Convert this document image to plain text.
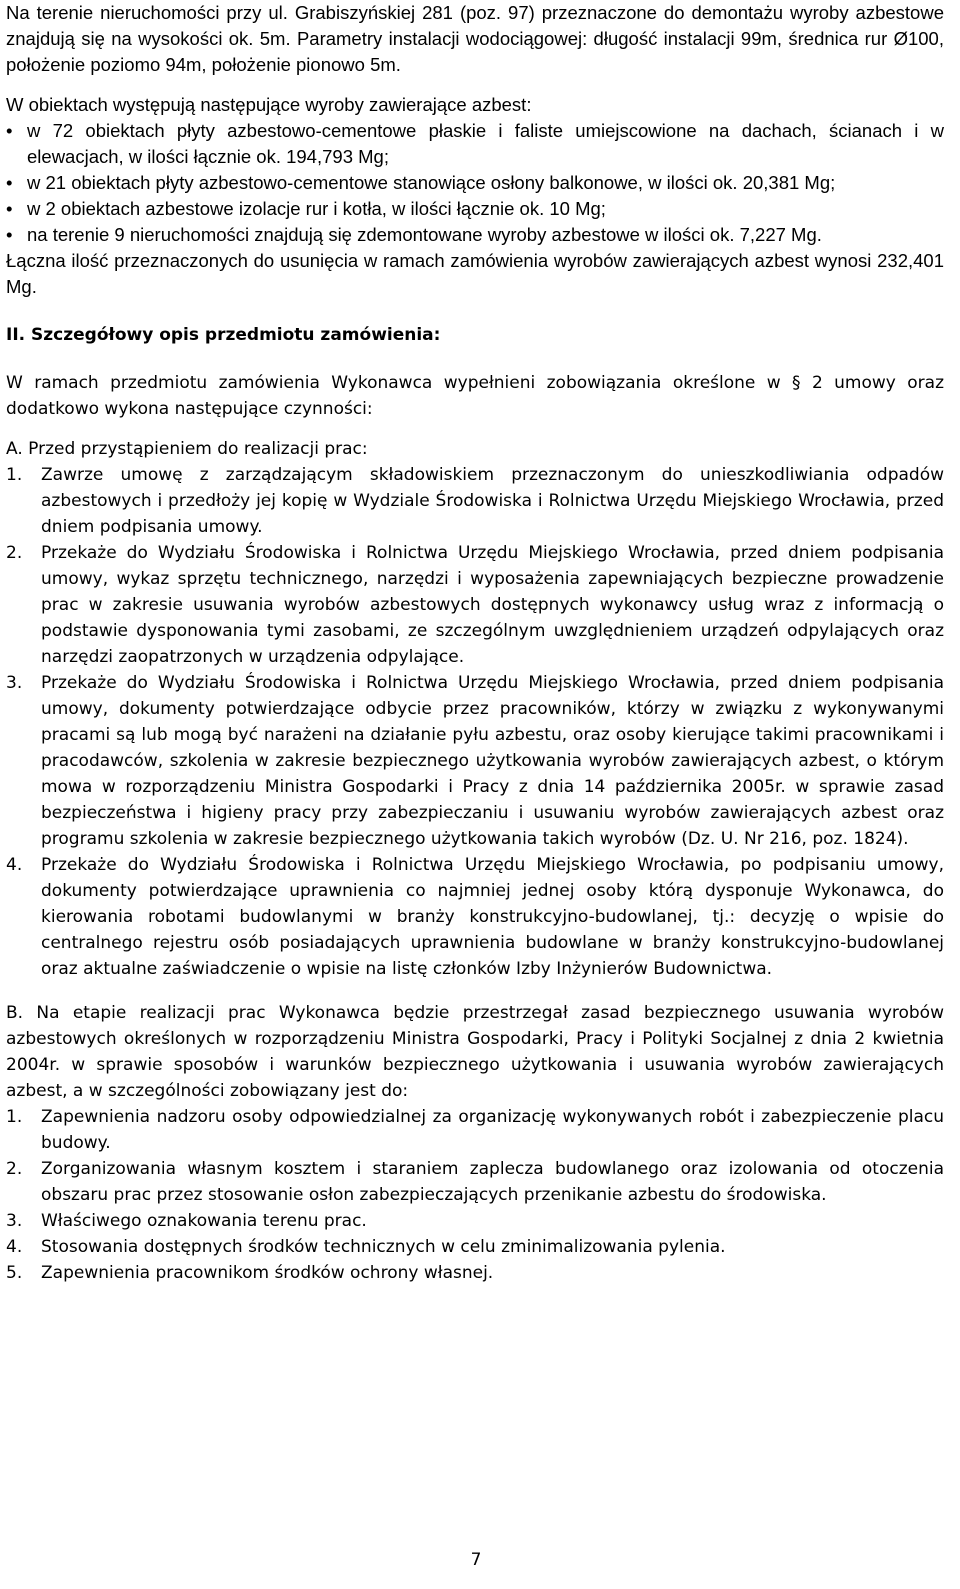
Na terenie nieruchomości przy ul. Grabiszyńskiej 281 (poz. 97) przeznaczone do demontażu wyroby azbestowe znajdują się na wysokości ok. 5m. Parametry instalacji wodociągowej: długość instalacji 99m, średnica rur Ø100, położenie poziomo 94m, położenie pionowo 5m.

W obiektach występują następujące wyroby zawierające azbest:

• w 72 obiektach płyty azbestowo-cementowe płaskie i faliste umiejscowione na dachach, ścianach i w elewacjach, w ilości łącznie ok. 194,793 Mg;
• w 21 obiektach płyty azbestowo-cementowe stanowiące osłony balkonowe, w ilości ok. 20,381 Mg;
• w 2 obiektach azbestowe izolacje rur i kotła, w ilości łącznie ok. 10 Mg;
• na terenie 9 nieruchomości znajdują się zdemontowane wyroby azbestowe w ilości ok. 7,227 Mg.

Łączna ilość przeznaczonych do usunięcia w ramach zamówienia wyrobów zawierających azbest wynosi 232,401 Mg.

II. Szczegółowy opis przedmiotu zamówienia:

W ramach przedmiotu zamówienia Wykonawca wypełnieni zobowiązania określone w § 2 umowy oraz dodatkowo wykona następujące czynności:

A. Przed przystąpieniem do realizacji prac:

1. Zawrze umowę z zarządzającym składowiskiem przeznaczonym do unieszkodliwiania odpadów azbestowych i przedłoży jej kopię w Wydziale Środowiska i Rolnictwa Urzędu Miejskiego Wrocławia, przed dniem podpisania umowy.
2. Przekaże do Wydziału Środowiska i Rolnictwa Urzędu Miejskiego Wrocławia, przed dniem podpisania umowy, wykaz sprzętu technicznego, narzędzi i wyposażenia zapewniających bezpieczne prowadzenie prac w zakresie usuwania wyrobów azbestowych dostępnych wykonawcy usług wraz z informacją o podstawie dysponowania tymi zasobami, ze szczególnym uwzględnieniem urządzeń odpylających oraz narzędzi zaopatrzonych w urządzenia odpylające.
3. Przekaże do Wydziału Środowiska i Rolnictwa Urzędu Miejskiego Wrocławia, przed dniem podpisania umowy, dokumenty potwierdzające odbycie przez pracowników, którzy w związku z wykonywanymi pracami są lub mogą być narażeni na działanie pyłu azbestu, oraz osoby kierujące takimi pracownikami i pracodawców, szkolenia w zakresie bezpiecznego użytkowania wyrobów zawierających azbest, o którym mowa w rozporządzeniu Ministra Gospodarki i Pracy z dnia 14 października 2005r. w sprawie zasad bezpieczeństwa i higieny pracy przy zabezpieczaniu i usuwaniu wyrobów zawierających azbest oraz programu szkolenia w zakresie bezpiecznego użytkowania takich wyrobów (Dz. U. Nr 216, poz. 1824).
4. Przekaże do Wydziału Środowiska i Rolnictwa Urzędu Miejskiego Wrocławia, po podpisaniu umowy, dokumenty potwierdzające uprawnienia co najmniej jednej osoby którą dysponuje Wykonawca, do kierowania robotami budowlanymi w branży konstrukcyjno-budowlanej, tj.: decyzję o wpisie do centralnego rejestru osób posiadających uprawnienia budowlane w branży konstrukcyjno-budowlanej oraz aktualne zaświadczenie o wpisie na listę członków Izby Inżynierów Budownictwa.

B. Na etapie realizacji prac Wykonawca będzie przestrzegał zasad bezpiecznego usuwania wyrobów azbestowych określonych w rozporządzeniu Ministra Gospodarki, Pracy i Polityki Socjalnej z dnia 2 kwietnia 2004r. w sprawie sposobów i warunków bezpiecznego użytkowania i usuwania wyrobów zawierających azbest, a w szczególności zobowiązany jest do:

1. Zapewnienia nadzoru osoby odpowiedzialnej za organizację wykonywanych robót i zabezpieczenie placu budowy.
2. Zorganizowania własnym kosztem i staraniem zaplecza budowlanego oraz izolowania od otoczenia obszaru prac przez stosowanie osłon zabezpieczających przenikanie azbestu do środowiska.
3. Właściwego oznakowania terenu prac.
4. Stosowania dostępnych środków technicznych w celu zminimalizowania pylenia.
5. Zapewnienia pracownikom środków ochrony własnej.
7
